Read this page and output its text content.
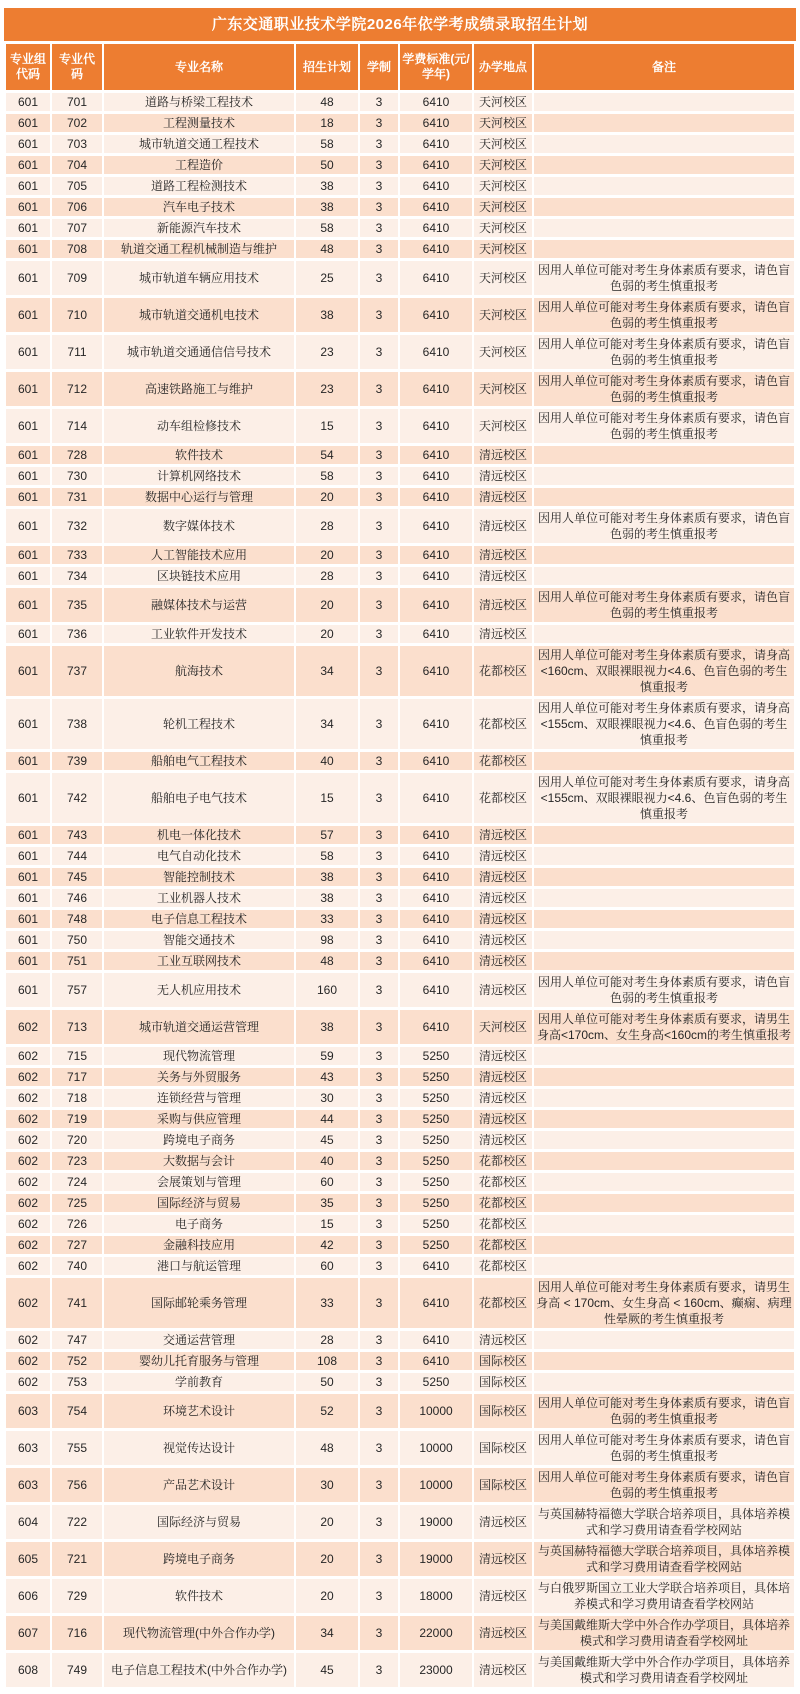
广东交通职业技术学院2026年依学考成绩录取招生计划
专业组代码	专业代码	专业名称	招生计划	学制	学费标准(元/学年)	办学地点	备注
601	701	道路与桥梁工程技术	48	3	6410	天河校区	
601	702	工程测量技术	18	3	6410	天河校区	
601	703	城市轨道交通工程技术	58	3	6410	天河校区	
601	704	工程造价	50	3	6410	天河校区	
601	705	道路工程检测技术	38	3	6410	天河校区	
601	706	汽车电子技术	38	3	6410	天河校区	
601	707	新能源汽车技术	58	3	6410	天河校区	
601	708	轨道交通工程机械制造与维护	48	3	6410	天河校区	
601	709	城市轨道车辆应用技术	25	3	6410	天河校区	因用人单位可能对考生身体素质有要求，请色盲色弱的考生慎重报考
601	710	城市轨道交通机电技术	38	3	6410	天河校区	因用人单位可能对考生身体素质有要求，请色盲色弱的考生慎重报考
601	711	城市轨道交通通信信号技术	23	3	6410	天河校区	因用人单位可能对考生身体素质有要求，请色盲色弱的考生慎重报考
601	712	高速铁路施工与维护	23	3	6410	天河校区	因用人单位可能对考生身体素质有要求，请色盲色弱的考生慎重报考
601	714	动车组检修技术	15	3	6410	天河校区	因用人单位可能对考生身体素质有要求，请色盲色弱的考生慎重报考
601	728	软件技术	54	3	6410	清远校区	
601	730	计算机网络技术	58	3	6410	清远校区	
601	731	数据中心运行与管理	20	3	6410	清远校区	
601	732	数字媒体技术	28	3	6410	清远校区	因用人单位可能对考生身体素质有要求，请色盲色弱的考生慎重报考
601	733	人工智能技术应用	20	3	6410	清远校区	
601	734	区块链技术应用	28	3	6410	清远校区	
601	735	融媒体技术与运营	20	3	6410	清远校区	因用人单位可能对考生身体素质有要求，请色盲色弱的考生慎重报考
601	736	工业软件开发技术	20	3	6410	清远校区	
601	737	航海技术	34	3	6410	花都校区	因用人单位可能对考生身体素质有要求，请身高<160cm、双眼裸眼视力<4.6、色盲色弱的考生慎重报考
601	738	轮机工程技术	34	3	6410	花都校区	因用人单位可能对考生身体素质有要求，请身高<155cm、双眼裸眼视力<4.6、色盲色弱的考生慎重报考
601	739	船舶电气工程技术	40	3	6410	花都校区	
601	742	船舶电子电气技术	15	3	6410	花都校区	因用人单位可能对考生身体素质有要求，请身高<155cm、双眼裸眼视力<4.6、色盲色弱的考生慎重报考
601	743	机电一体化技术	57	3	6410	清远校区	
601	744	电气自动化技术	58	3	6410	清远校区	
601	745	智能控制技术	38	3	6410	清远校区	
601	746	工业机器人技术	38	3	6410	清远校区	
601	748	电子信息工程技术	33	3	6410	清远校区	
601	750	智能交通技术	98	3	6410	清远校区	
601	751	工业互联网技术	48	3	6410	清远校区	
601	757	无人机应用技术	160	3	6410	清远校区	因用人单位可能对考生身体素质有要求，请色盲色弱的考生慎重报考
602	713	城市轨道交通运营管理	38	3	6410	天河校区	因用人单位可能对考生身体素质有要求，请男生身高<170cm、女生身高<160cm的考生慎重报考
602	715	现代物流管理	59	3	5250	清远校区	
602	717	关务与外贸服务	43	3	5250	清远校区	
602	718	连锁经营与管理	30	3	5250	清远校区	
602	719	采购与供应管理	44	3	5250	清远校区	
602	720	跨境电子商务	45	3	5250	清远校区	
602	723	大数据与会计	40	3	5250	花都校区	
602	724	会展策划与管理	60	3	5250	花都校区	
602	725	国际经济与贸易	35	3	5250	花都校区	
602	726	电子商务	15	3	5250	花都校区	
602	727	金融科技应用	42	3	5250	花都校区	
602	740	港口与航运管理	60	3	6410	花都校区	
602	741	国际邮轮乘务管理	33	3	6410	花都校区	因用人单位可能对考生身体素质有要求，请男生身高 < 170cm、女生身高 < 160cm、癫痫、病理性晕厥的考生慎重报考
602	747	交通运营管理	28	3	6410	清远校区	
602	752	婴幼儿托育服务与管理	108	3	6410	国际校区	
602	753	学前教育	50	3	5250	国际校区	
603	754	环境艺术设计	52	3	10000	国际校区	因用人单位可能对考生身体素质有要求，请色盲色弱的考生慎重报考
603	755	视觉传达设计	48	3	10000	国际校区	因用人单位可能对考生身体素质有要求，请色盲色弱的考生慎重报考
603	756	产品艺术设计	30	3	10000	国际校区	因用人单位可能对考生身体素质有要求，请色盲色弱的考生慎重报考
604	722	国际经济与贸易	20	3	19000	清远校区	与英国赫特福德大学联合培养项目，具体培养模式和学习费用请查看学校网站
605	721	跨境电子商务	20	3	19000	清远校区	与英国赫特福德大学联合培养项目，具体培养模式和学习费用请查看学校网站
606	729	软件技术	20	3	18000	清远校区	与白俄罗斯国立工业大学联合培养项目，具体培养模式和学习费用请查看学校网站
607	716	现代物流管理(中外合作办学)	34	3	22000	清远校区	与美国戴维斯大学中外合作办学项目，具体培养模式和学习费用请查看学校网址
608	749	电子信息工程技术(中外合作办学)	45	3	23000	清远校区	与美国戴维斯大学中外合作办学项目，具体培养模式和学习费用请查看学校网址
